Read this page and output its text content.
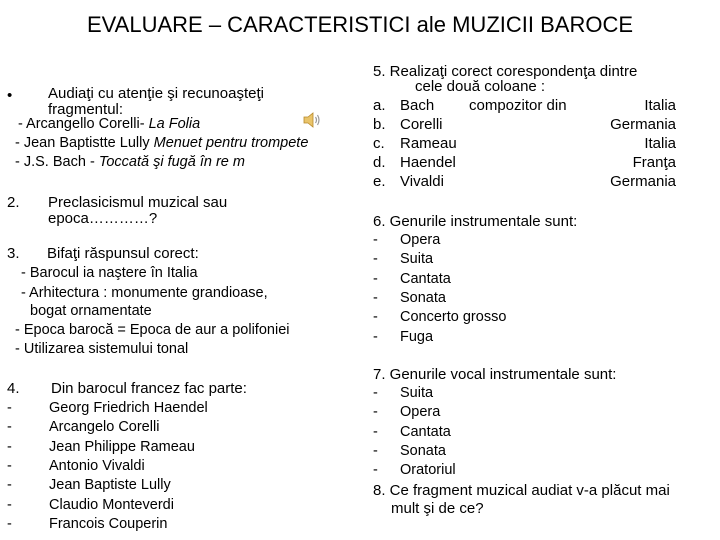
EVALUARE – CARACTERISTICI ale MUZICII BAROCE
• Audiaţi cu atenţie şi recunoaşteţi
fragmentul:
- Arcangello Corelli- La Folia
- Jean Baptistte Lully Menuet pentru trompete
- J.S. Bach - Toccată şi fugă în re m
2. Preclasicismul muzical sau
epoca…………?
3. Bifaţi răspunsul corect:
- Barocul ia naştere în Italia
- Arhitectura : monumente grandioase,
bogat ornamentate
- Epoca barocă = Epoca de aur a polifoniei
- Utilizarea sistemului tonal
4. Din barocul francez fac parte:
-	Georg Friedrich Haendel
-	Arcangelo Corelli
-	Jean Philippe Rameau
-	Antonio Vivaldi
-	Jean Baptiste Lully
-	Claudio Monteverdi
-	Francois Couperin
5. Realizaţi corect corespondenţa dintre
cele două coloane :
a. Bach compozitor din	Italia
b. Corelli	Germania
c. Rameau	Italia
d. Haendel	Franţa
e. Vivaldi	Germania
6. Genurile instrumentale sunt:
- Opera
- Suita
- Cantata
- Sonata
- Concerto grosso
- Fuga
7. Genurile vocal instrumentale sunt:
- Suita
- Opera
- Cantata
- Sonata
- Oratoriul
8. Ce fragment muzical audiat v-a plăcut mai
mult şi de ce?
